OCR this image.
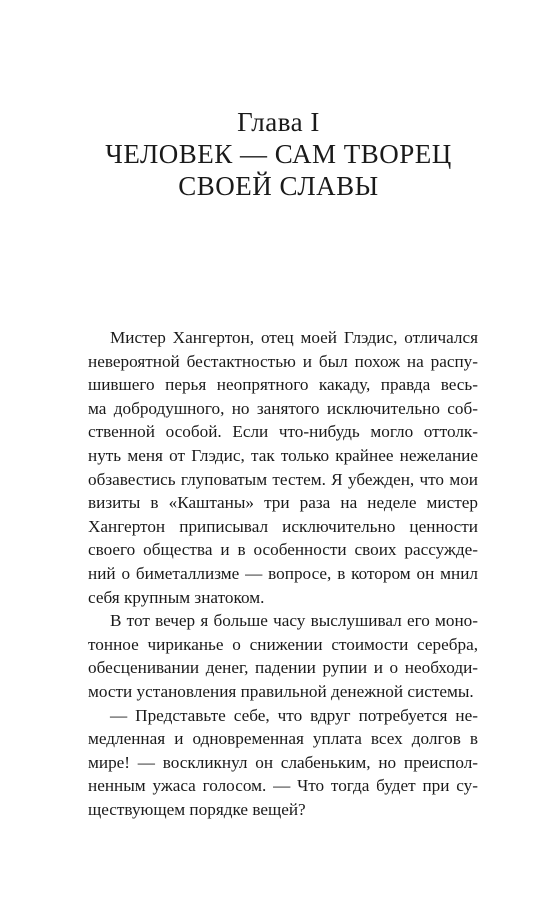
Глава I
ЧЕЛОВЕК — САМ ТВОРЕЦ
СВОЕЙ СЛАВЫ
Мистер Хангертон, отец моей Глэдис, отличался
невероятной бестактностью и был похож на распу-
шившего перья неопрятного какаду, правда весь-
ма добродушного, но занятого исключительно соб-
ственной особой. Если что-нибудь могло оттолк-
нуть меня от Глэдис, так только крайнее нежелание
обзавестись глуповатым тестем. Я убежден, что мои
визиты в «Каштаны» три раза на неделе мистер
Хангертон приписывал исключительно ценности
своего общества и в особенности своих рассужде-
ний о биметаллизме — вопросе, в котором он мнил
себя крупным знатоком.
В тот вечер я больше часу выслушивал его моно-
тонное чириканье о снижении стоимости серебра,
обесценивании денег, падении рупии и о необходи-
мости установления правильной денежной системы.
— Представьте себе, что вдруг потребуется не-
медленная и одновременная уплата всех долгов в
мире! — воскликнул он слабеньким, но преиспол-
ненным ужаса голосом. — Что тогда будет при су-
ществующем порядке вещей?
